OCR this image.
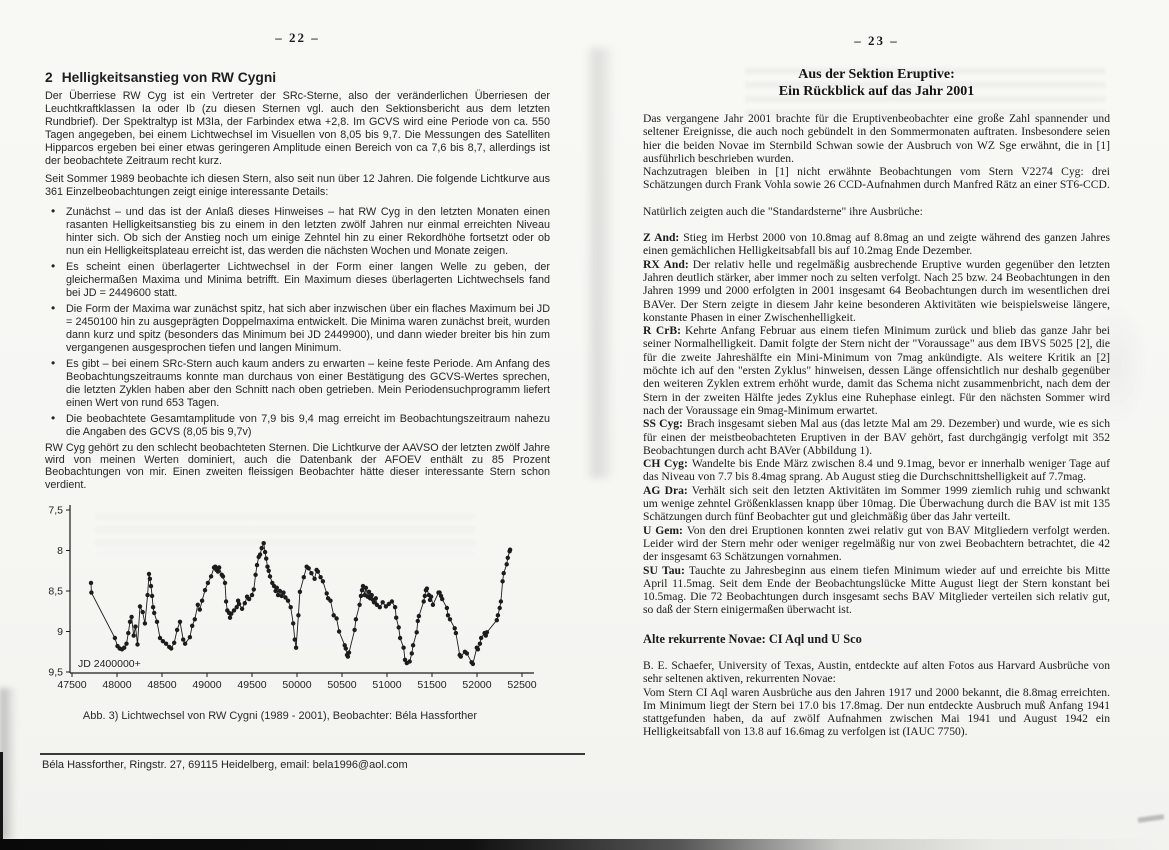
– 22 –
2 Helligkeitsanstieg von RW Cygni

Der Überriese RW Cyg ist ein Vertreter der SRc-Sterne, also der veränderlichen Überriesen der Leuchtkraftklassen Ia oder Ib (zu diesen Sternen vgl. auch den Sektionsbericht aus dem letzten Rundbrief). Der Spektraltyp ist M3Ia, der Farbindex etwa +2,8. Im GCVS wird eine Periode von ca. 550 Tagen angegeben, bei einem Lichtwechsel im Visuellen von 8,05 bis 9,7. Die Messungen des Satelliten Hipparcos ergeben bei einer etwas geringeren Amplitude einen Bereich von ca 7,6 bis 8,7, allerdings ist der beobachtete Zeitraum recht kurz.

Seit Sommer 1989 beobachte ich diesen Stern, also seit nun über 12 Jahren. Die folgende Lichtkurve aus 361 Einzelbeobachtungen zeigt einige interessante Details:

• Zunächst – und das ist der Anlaß dieses Hinweises – hat RW Cyg in den letzten Monaten einen rasanten Helligkeitsanstieg bis zu einem in den letzten zwölf Jahren nur einmal erreichten Niveau hinter sich. Ob sich der Anstieg noch um einige Zehntel hin zu einer Rekordhöhe fortsetzt oder ob nun ein Helligkeitsplateau erreicht ist, das werden die nächsten Wochen und Monate zeigen.
• Es scheint einen überlagerter Lichtwechsel in der Form einer langen Welle zu geben, der gleichermaßen Maxima und Minima betrifft. Ein Maximum dieses überlagerten Lichtwechsels fand bei JD = 2449600 statt.
• Die Form der Maxima war zunächst spitz, hat sich aber inzwischen über ein flaches Maximum bei JD = 2450100 hin zu ausgeprägten Doppelmaxima entwickelt. Die Minima waren zunächst breit, wurden dann kurz und spitz (besonders das Minimum bei JD 2449900), und dann wieder breiter bis hin zum vergangenen ausgesprochen tiefen und langen Minimum.
• Es gibt – bei einem SRc-Stern auch kaum anders zu erwarten – keine feste Periode. Am Anfang des Beobachtungszeitraums konnte man durchaus von einer Bestätigung des GCVS-Wertes sprechen, die letzten Zyklen haben aber den Schnitt nach oben getrieben. Mein Periodensuchprogramm liefert einen Wert von rund 653 Tagen.
• Die beobachtete Gesamtamplitude von 7,9 bis 9,4 mag erreicht im Beobachtungszeitraum nahezu die Angaben des GCVS (8,05 bis 9,7v)

RW Cyg gehört zu den schlecht beobachteten Sternen. Die Lichtkurve der AAVSO der letzten zwölf Jahre wird von meinen Werten dominiert, auch die Datenbank der AFOEV enthält zu 85 Prozent Beobachtungen von mir. Einen zweiten fleissigen Beobachter hätte dieser interessante Stern schon verdient.

7,5
8
8,5
9
9,5
47500 48000 48500 49000 49500 50000 50500 51000 51500 52000 52500
JD 2400000+
Abb. 3) Lichtwechsel von RW Cygni (1989 - 2001), Beobachter: Béla Hassforther
Béla Hassforther, Ringstr. 27, 69115 Heidelberg, email: bela1996@aol.com
– 23 –
Aus der Sektion Eruptive:
Ein Rückblick auf das Jahr 2001

Das vergangene Jahr 2001 brachte für die Eruptivenbeobachter eine große Zahl spannender und seltener Ereignisse, die auch noch gebündelt in den Sommermonaten auftraten. Insbesondere seien hier die beiden Novae im Sternbild Schwan sowie der Ausbruch von WZ Sge erwähnt, die in [1] ausführlich beschrieben wurden.

Nachzutragen bleiben in [1] nicht erwähnte Beobachtungen vom Stern V2274 Cyg: drei Schätzungen durch Frank Vohla sowie 26 CCD-Aufnahmen durch Manfred Rätz an einer ST6-CCD.

Natürlich zeigten auch die "Standardsterne" ihre Ausbrüche:

Z And: Stieg im Herbst 2000 von 10.8mag auf 8.8mag an und zeigte während des ganzen Jahres einen gemächlichen Helligkeitsabfall bis auf 10.2mag Ende Dezember.

RX And: Der relativ helle und regelmäßig ausbrechende Eruptive wurden gegenüber den letzten Jahren deutlich stärker, aber immer noch zu selten verfolgt. Nach 25 bzw. 24 Beobachtungen in den Jahren 1999 und 2000 erfolgten in 2001 insgesamt 64 Beobachtungen durch im wesentlichen drei BAVer. Der Stern zeigte in diesem Jahr keine besonderen Aktivitäten wie beispielsweise längere, konstante Phasen in einer Zwischenhelligkeit.

R CrB: Kehrte Anfang Februar aus einem tiefen Minimum zurück und blieb das ganze Jahr bei seiner Normalhelligkeit. Damit folgte der Stern nicht der "Voraussage" aus dem IBVS 5025 [2], die für die zweite Jahreshälfte ein Mini-Minimum von 7mag ankündigte. Als weitere Kritik an [2] möchte ich auf den "ersten Zyklus" hinweisen, dessen Länge offensichtlich nur deshalb gegenüber den weiteren Zyklen extrem erhöht wurde, damit das Schema nicht zusammenbricht, nach dem der Stern in der zweiten Hälfte jedes Zyklus eine Ruhephase einlegt. Für den nächsten Sommer wird nach der Voraussage ein 9mag-Minimum erwartet.

SS Cyg: Brach insgesamt sieben Mal aus (das letzte Mal am 29. Dezember) und wurde, wie es sich für einen der meistbeobachteten Eruptiven in der BAV gehört, fast durchgängig verfolgt mit 352 Beobachtungen durch acht BAVer (Abbildung 1).

CH Cyg: Wandelte bis Ende März zwischen 8.4 und 9.1mag, bevor er innerhalb weniger Tage auf das Niveau von 7.7 bis 8.4mag sprang. Ab August stieg die Durchschnittshelligkeit auf 7.7mag.

AG Dra: Verhält sich seit den letzten Aktivitäten im Sommer 1999 ziemlich ruhig und schwankt um wenige zehntel Größenklassen knapp über 10mag. Die Überwachung durch die BAV ist mit 135 Schätzungen durch fünf Beobachter gut und gleichmäßig über das Jahr verteilt.

U Gem: Von den drei Eruptionen konnten zwei relativ gut von BAV Mitgliedern verfolgt werden. Leider wird der Stern mehr oder weniger regelmäßig nur von zwei Beobachtern betrachtet, die 42 der insgesamt 63 Schätzungen vornahmen.

SU Tau: Tauchte zu Jahresbeginn aus einem tiefen Minimum wieder auf und erreichte bis Mitte April 11.5mag. Seit dem Ende der Beobachtungslücke Mitte August liegt der Stern konstant bei 10.5mag. Die 72 Beobachtungen durch insgesamt sechs BAV Mitglieder verteilen sich relativ gut, so daß der Stern einigermaßen überwacht ist.

Alte rekurrente Novae: CI Aql und U Sco

B. E. Schaefer, University of Texas, Austin, entdeckte auf alten Fotos aus Harvard Ausbrüche von sehr seltenen aktiven, rekurrenten Novae:

Vom Stern CI Aql waren Ausbrüche aus den Jahren 1917 und 2000 bekannt, die 8.8mag erreichten. Im Minimum liegt der Stern bei 17.0 bis 17.8mag. Der nun entdeckte Ausbruch muß Anfang 1941 stattgefunden haben, da auf zwölf Aufnahmen zwischen Mai 1941 und August 1942 ein Helligkeitsabfall von 13.8 auf 16.6mag zu verfolgen ist (IAUC 7750).
